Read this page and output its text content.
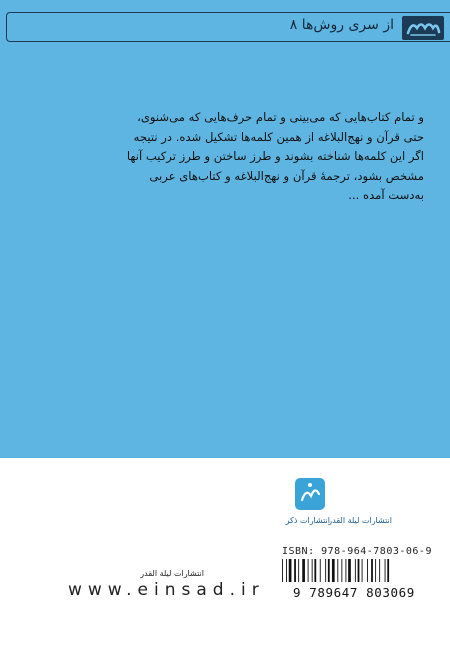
از سری روش‌ها ۸

و تمام کتاب‌هایی که می‌بینی و تمام حرف‌هایی که می‌شنوی،

حتی قرآن و نهج‌البلاغه از همین کلمه‌ها تشکیل شده. در نتیجه

اگر این کلمه‌ها شناخته بشوند و طرز ساختن و طرز ترکیب آنها

مشخص بشود، ترجمهٔ قرآن و نهج‌البلاغه و کتاب‌های عربی

به‌دست آمده ...

انتشارات لیلة القدر
انتشارات ذکر
انتشارات لیلة القدر
ISBN: 978-964-7803-06-9
9 789647 803069
www.einsad.ir
